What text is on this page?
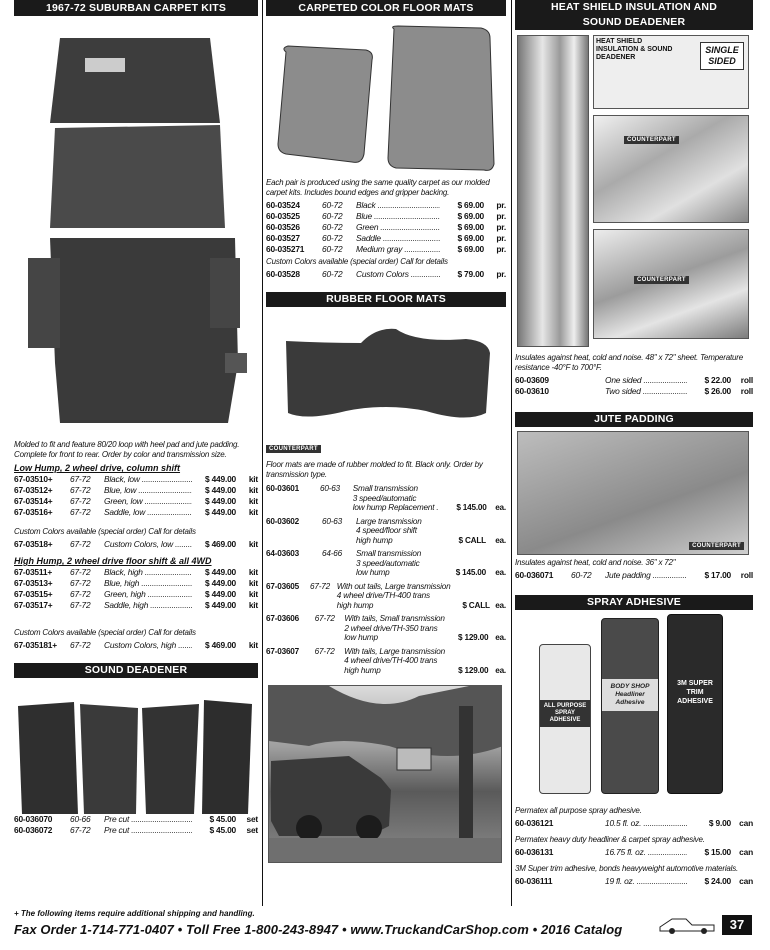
1967-72 SUBURBAN CARPET KITS

Molded to fit and feature 80/20 loop with heel pad and jute padding. Complete for front to rear. Order by color and transmission size.

Low Hump, 2 wheel drive, column shift
67-03510+	67-72	Black, low .....	$ 449.00	kit
67-03512+	67-72	Blue, low .....	$ 449.00	kit
67-03514+	67-72	Green, low .....	$ 449.00	kit
67-03516+	67-72	Saddle, low .....	$ 449.00	kit

Custom Colors available (special order) Call for details

67-03518+	67-72	Custom Colors, low .....	$ 469.00	kit
High Hump, 2 wheel drive floor shift & all 4WD
67-03511+	67-72	Black, high .....	$ 449.00	kit
67-03513+	67-72	Blue, high .....	$ 449.00	kit
67-03515+	67-72	Green, high .....	$ 449.00	kit
67-03517+	67-72	Saddle, high .....	$ 449.00	kit

Custom Colors available (special order) Call for details

67-035181+	67-72	Custom Colors, high .....	$ 469.00	kit
SOUND DEADENER
60-036070	60-66	Pre cut .....	$ 45.00	set
60-036072	67-72	Pre cut .....	$ 45.00	set
CARPETED COLOR FLOOR MATS

Each pair is produced using the same quality carpet as our molded carpet kits. Includes bound edges and gripper backing.

60-03524	60-72	Black .....	$ 69.00	pr.
60-03525	60-72	Blue .....	$ 69.00	pr.
60-03526	60-72	Green .....	$ 69.00	pr.
60-03527	60-72	Saddle .....	$ 69.00	pr.
60-035271	60-72	Medium gray .....	$ 69.00	pr.

Custom Colors available (special order) Call for details

60-03528	60-72	Custom Colors .....	$ 79.00	pr.
RUBBER FLOOR MATS
COUNTERPART

Floor mats are made of rubber molded to fit. Black only. Order by transmission type.

60-03601	60-63	Small transmission
3 speed/automatic
low hump Replacement .	$ 145.00	ea.
60-03602	60-63	Large transmission
4 speed/floor shift
high hump	$ CALL	ea.
64-03603	64-66	Small transmission
3 speed/automatic
low hump	$ 145.00	ea.
67-03605	67-72 With out tails, Large transmission
4 wheel drive/TH-400 trans
high hump	$ CALL ea.
67-03606	67-72	With tails, Small transmission
2 wheel drive/TH-350 trans
low hump	$ 129.00 ea.
67-03607	67-72	With tails, Large transmission
4 wheel drive/TH-400 trans
high hump	$ 129.00 ea.
HEAT SHIELD INSULATION AND
SOUND DEADENER
HEAT SHIELD INSULATION & SOUND DEADENER
SINGLE SIDED
COUNTERPART
COUNTERPART

Insulates against heat, cold and noise. 48" x 72" sheet. Temperature resistance -40°F to 700°F.

60-03609	One sided .....	$ 22.00	roll
60-03610	Two sided .....	$ 26.00	roll
JUTE PADDING
COUNTERPART

Insulates against heat, cold and noise. 36" x 72"

60-036071	60-72	Jute padding .....	$ 17.00	roll
SPRAY ADHESIVE
ALL PURPOSE SPRAY ADHESIVE
BODY SHOP Headliner Adhesive
3M SUPER TRIM ADHESIVE

Permatex all purpose spray adhesive.

60-036121	10.5 fl. oz. .....	$ 9.00 can

Permatex heavy duty headliner & carpet spray adhesive.

60-036131	16.75 fl. oz. .....	$ 15.00 can

3M Super trim adhesive, bonds heavyweight automotive materials.

60-036111	19 fl. oz. .....	$ 24.00 can
+ The following items require additional shipping and handling.
Fax Order 1-714-771-0407 • Toll Free 1-800-243-8947 • www.TruckandCarShop.com • 2016 Catalog	37
